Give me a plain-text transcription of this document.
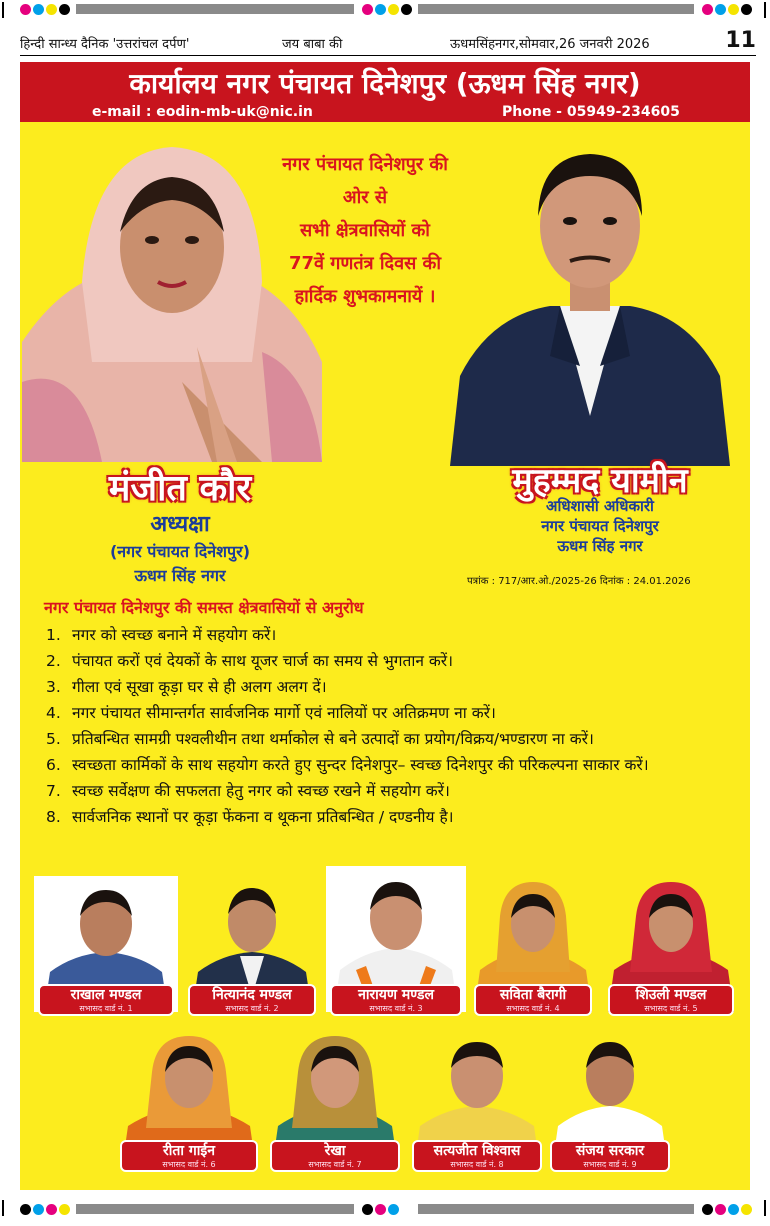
हिन्दी सान्ध्य दैनिक 'उत्तरांचल दर्पण'	जय बाबा की	ऊधमसिंहनगर,सोमवार,26 जनवरी 2026	11
कार्यालय नगर पंचायत दिनेशपुर (ऊधम सिंह नगर)
e-mail : eodin-mb-uk@nic.in	Phone - 05949-234605
नगर पंचायत दिनेशपुर की
ओर से
सभी क्षेत्रवासियों को
77वें गणतंत्र दिवस की
हार्दिक शुभकामनायें ।
मंजीत कौर
अध्यक्षा
(नगर पंचायत दिनेशपुर)
ऊधम सिंह नगर
मुहम्मद यामीन
अधिशासी अधिकारी
नगर पंचायत दिनेशपुर
ऊधम सिंह नगर
पत्रांक : 717/आर.ओ./2025-26 दिनांक : 24.01.2026
नगर पंचायत दिनेशपुर की समस्त क्षेत्रवासियों से अनुरोध
1. नगर को स्वच्छ बनाने में सहयोग करें।
2. पंचायत करों एवं देयकों के साथ यूजर चार्ज का समय से भुगतान करें।
3. गीला एवं सूखा कूड़ा घर से ही अलग अलग दें।
4. नगर पंचायत सीमान्तर्गत सार्वजनिक मार्गो एवं नालियों पर अतिक्रमण ना करें।
5. प्रतिबन्धित सामग्री पश्वलीथीन तथा थर्माकोल से बने उत्पादों का प्रयोग/विक्रय/भण्डारण ना करें।
6. स्वच्छता कार्मिकों के साथ सहयोग करते हुए सुन्दर दिनेशपुर– स्वच्छ दिनेशपुर की परिकल्पना साकार करें।
7. स्वच्छ सर्वेक्षण की सफलता हेतु नगर को स्वच्छ रखने में सहयोग करें।
8. सार्वजनिक स्थानों पर कूड़ा फेंकना व थूकना प्रतिबन्धित / दण्डनीय है।
राखाल मण्डल
सभासद वार्ड नं. 1
नित्यानंद मण्डल
सभासद वार्ड नं. 2
नारायण मण्डल
सभासद वार्ड नं. 3
सविता बैरागी
सभासद वार्ड नं. 4
शिउली मण्डल
सभासद वार्ड नं. 5
रीता गाईन
सभासद वार्ड नं. 6
रेखा
सभासद वार्ड नं. 7
सत्यजीत विश्वास
सभासद वार्ड नं. 8
संजय सरकार
सभासद वार्ड नं. 9
